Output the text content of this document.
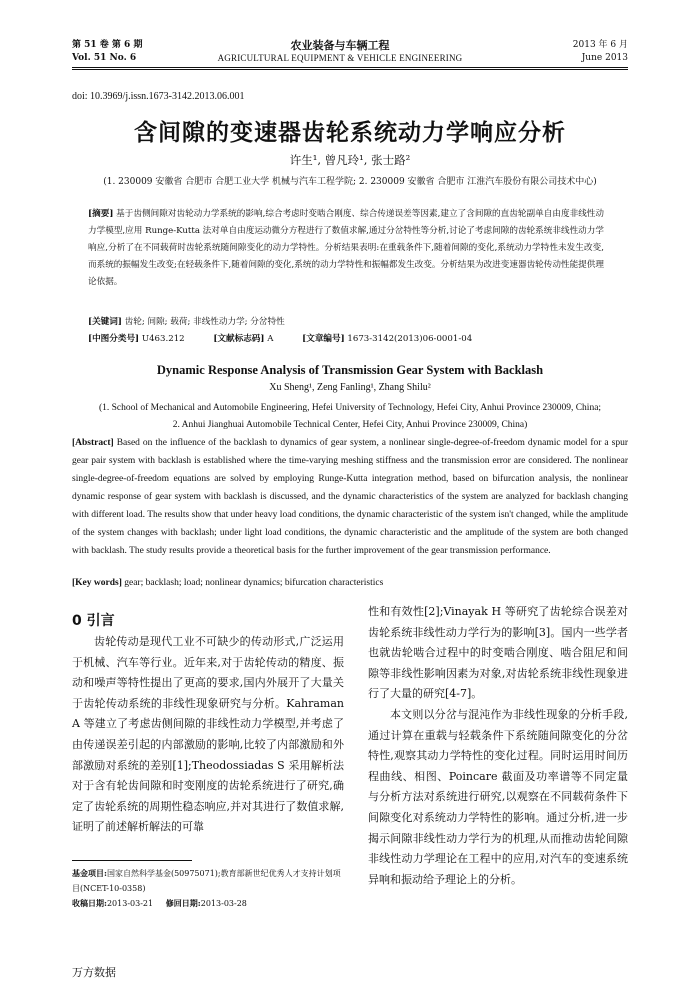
第 51 卷 第 6 期
Vol. 51 No. 6
农业装备与车辆工程
AGRICULTURAL EQUIPMENT & VEHICLE ENGINEERING
2013 年 6 月
June 2013
doi: 10.3969/j.issn.1673-3142.2013.06.001
含间隙的变速器齿轮系统动力学响应分析
许生¹, 曾凡玲¹, 张士路²
(1. 230009 安徽省 合肥市 合肥工业大学 机械与汽车工程学院; 2. 230009 安徽省 合肥市 江淮汽车股份有限公司技术中心)
[摘要] 基于齿侧间隙对齿轮动力学系统的影响,综合考虑时变啮合刚度、综合传递误差等因素,建立了含间隙的直齿轮副单自由度非线性动力学模型,应用 Runge-Kutta 法对单自由度运动微分方程进行了数值求解,通过分岔特性等分析,讨论了考虑间隙的齿轮系统非线性动力学响应,分析了在不同载荷时齿轮系统随间隙变化的动力学特性。分析结果表明:在重载条件下,随着间隙的变化,系统动力学特性未发生改变,而系统的振幅发生改变;在轻载条件下,随着间隙的变化,系统的动力学特性和振幅都发生改变。分析结果为改进变速器齿轮传动性能提供理论依据。
[关键词] 齿轮; 间隙; 载荷; 非线性动力学; 分岔特性
[中图分类号] U463.212	[文献标志码] A	[文章编号] 1673-3142(2013)06-0001-04
Dynamic Response Analysis of Transmission Gear System with Backlash
Xu Sheng¹, Zeng Fanling¹, Zhang Shilu²
(1. School of Mechanical and Automobile Engineering, Hefei University of Technology, Hefei City, Anhui Province 230009, China;
2. Anhui Jianghuai Automobile Technical Center, Hefei City, Anhui Province 230009, China)
[Abstract] Based on the influence of the backlash to dynamics of gear system, a nonlinear single-degree-of-freedom dynamic model for a spur gear pair system with backlash is established where the time-varying meshing stiffness and the transmission error are considered. The nonlinear single-degree-of-freedom equations are solved by employing Runge-Kutta integration method, based on bifurcation analysis, the nonlinear dynamic response of gear system with backlash is discussed, and the dynamic characteristics of the system are analyzed for backlash changing with different load. The results show that under heavy load conditions, the dynamic characteristic of the system isn't changed, while the amplitude of the system changes with backlash; under light load conditions, the dynamic characteristic and the amplitude of the system are both changed with backlash. The study results provide a theoretical basis for the further improvement of the gear transmission performance.
[Key words] gear; backlash; load; nonlinear dynamics; bifurcation characteristics
0 引言

齿轮传动是现代工业不可缺少的传动形式,广泛运用于机械、汽车等行业。近年来,对于齿轮传动的精度、振动和噪声等特性提出了更高的要求,国内外展开了大量关于齿轮传动系统的非线性现象研究与分析。Kahraman A 等建立了考虑齿侧间隙的非线性动力学模型,并考虑了由传递误差引起的内部激励的影响,比较了内部激励和外部激励对系统的差别[1];Theodossiadas S 采用解析法对于含有轮齿间隙和时变刚度的齿轮系统进行了研究,确定了齿轮系统的周期性稳态响应,并对其进行了数值求解,证明了前述解析解法的可靠

性和有效性[2];Vinayak H 等研究了齿轮综合误差对齿轮系统非线性动力学行为的影响[3]。国内一些学者也就齿轮啮合过程中的时变啮合刚度、啮合阻尼和间隙等非线性影响因素为对象,对齿轮系统非线性现象进行了大量的研究[4-7]。

本文则以分岔与混沌作为非线性现象的分析手段,通过计算在重载与轻载条件下系统随间隙变化的分岔特性,观察其动力学特性的变化过程。同时运用时间历程曲线、相图、Poincare 截面及功率谱等不同定量与分析方法对系统进行研究,以观察在不同载荷条件下间隙变化对系统动力学特性的影响。通过分析,进一步揭示间隙非线性动力学行为的机理,从而推动齿轮间隙非线性动力学理论在工程中的应用,对汽车的变速系统异响和振动给予理论上的分析。

基金项目:国家自然科学基金(50975071);教育部新世纪优秀人才支持计划项目(NCET-10-0358)
收稿日期:2013-03-21 修回日期:2013-03-28
万方数据
